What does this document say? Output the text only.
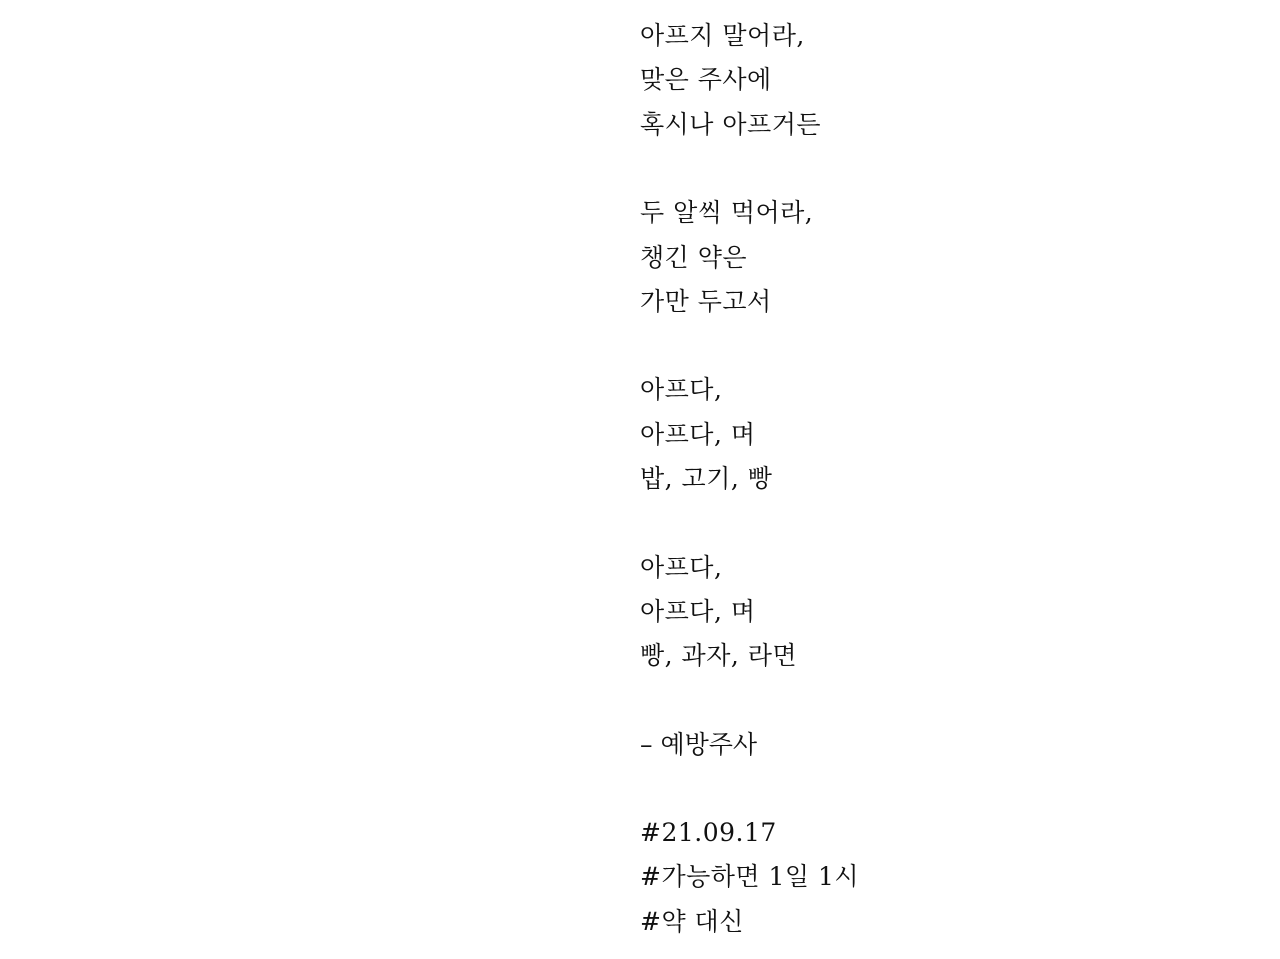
아프지 말어라,
맞은 주사에
혹시나 아프거든
두 알씩 먹어라,
챙긴 약은
가만 두고서
아프다,
아프다, 며
밥, 고기, 빵
아프다,
아프다, 며
빵, 과자, 라면
– 예방주사
#21.09.17
#가능하면 1일 1시
#약 대신
